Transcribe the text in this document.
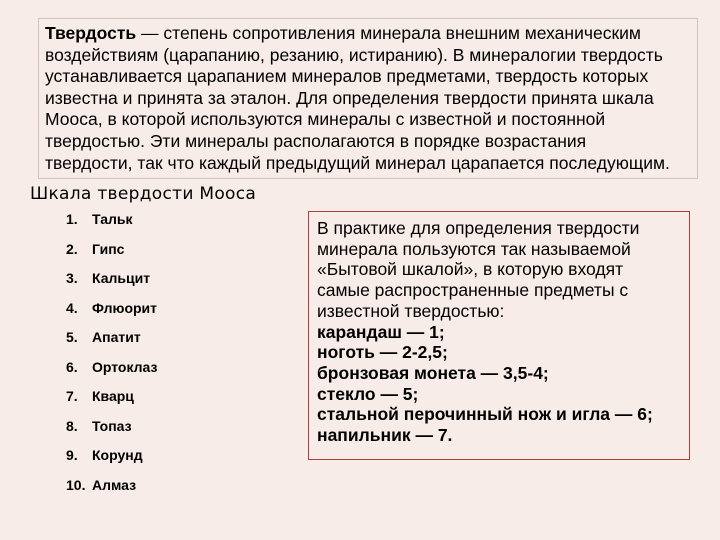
Твердость — степень сопротивления минерала внешним механическим
воздействиям (царапанию, резанию, истиранию). В минералогии твердость
устанавливается царапанием минералов предметами, твердость которых
известна и принята за эталон. Для определения твердости принята шкала
Мооса, в которой используются минералы с известной и постоянной
твердостью. Эти минералы располагаются в порядке возрастания
твердости, так что каждый предыдущий минерал царапается последующим.
Шкала твердости Мооса
1. Тальк
2. Гипс
3. Кальцит
4. Флюорит
5. Апатит
6. Ортоклаз
7. Кварц
8. Топаз
9. Корунд
10. Алмаз
В практике для определения твердости
минерала пользуются так называемой
«Бытовой шкалой», в которую входят
самые распространенные предметы с
известной твердостью:
карандаш — 1;
ноготь — 2-2,5;
бронзовая монета — 3,5-4;
стекло — 5;
стальной перочинный нож и игла — 6;
напильник — 7.
